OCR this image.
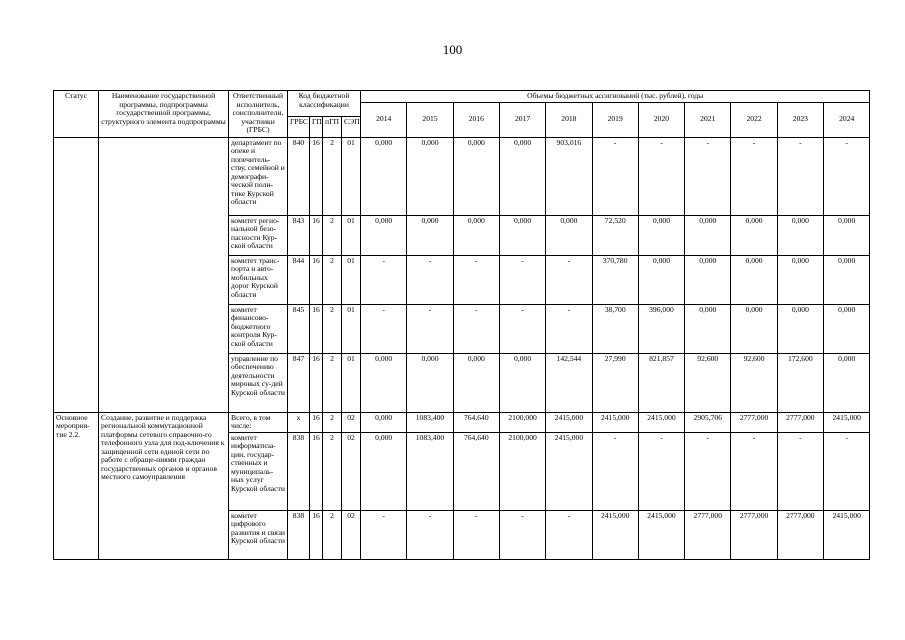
100
Статус	Наименование государственной программы, подпрограммы государственной программы, структурного элемента подпрограммы	Ответственный исполнитель, соисполнители, участники (ГРБС)	Код бюджетной классификации				Объемы бюджетных ассигнований (тыс. рублей), годы										
							2014	2015	2016	2017	2018	2019	2020	2021	2022	2023	2024
			ГРБС	ГП	пГП	СЭП											
		департамент по опеке и попечитель-ству, семейной и демографи-ческой поли-тике Курской области	840	16	2	01	0,000	0,000	0,000	0,000	903,016	-	-	-	-	-	-
		комитет регио-нальной безо-пасности Кур-ской области	843	16	2	01	0,000	0,000	0,000	0,000	0,000	72,520	0,000	0,000	0,000	0,000	0,000
		комитет транс-порта и авто-мобильных дорог Курской области	844	16	2	01	-	-	-	-	-	370,780	0,000	0,000	0,000	0,000	0,000
		комитет финансово-бюджетного контроля Кур-ской области	845	16	2	01	-	-	-	-	-	38,700	396,000	0,000	0,000	0,000	0,000
		управление по обеспечению деятельности мировых су-дей Курской области	847	16	2	01	0,000	0,000	0,000	0,000	142,544	27,990	821,857	92,600	92,600	172,600	0,000
Основное мероприя-тие 2.2.	Создание, развитие и поддержка региональной коммутационной платформы сетевого справочно-го телефонного узла для под-ключения к защищенной сети единой сети по работе с обраще-ниями граждан государственных органов и органов местного самоуправления	Всего, в том числе:	x	16	2	02	0,000	1083,400	764,640	2100,000	2415,000	2415,000	2415,000	2905,706	2777,000	2777,000	2415,000
		комитет информатиза-ции, государ-ственных и муниципаль-ных услуг Курской области	838	16	2	02	0,000	1083,400	764,640	2100,000	2415,000	-	-	-	-	-	-
		комитет цифрового развития и связи Курской области	838	16	2	02	-	-	-	-	-	2415,000	2415,000	2777,000	2777,000	2777,000	2415,000
